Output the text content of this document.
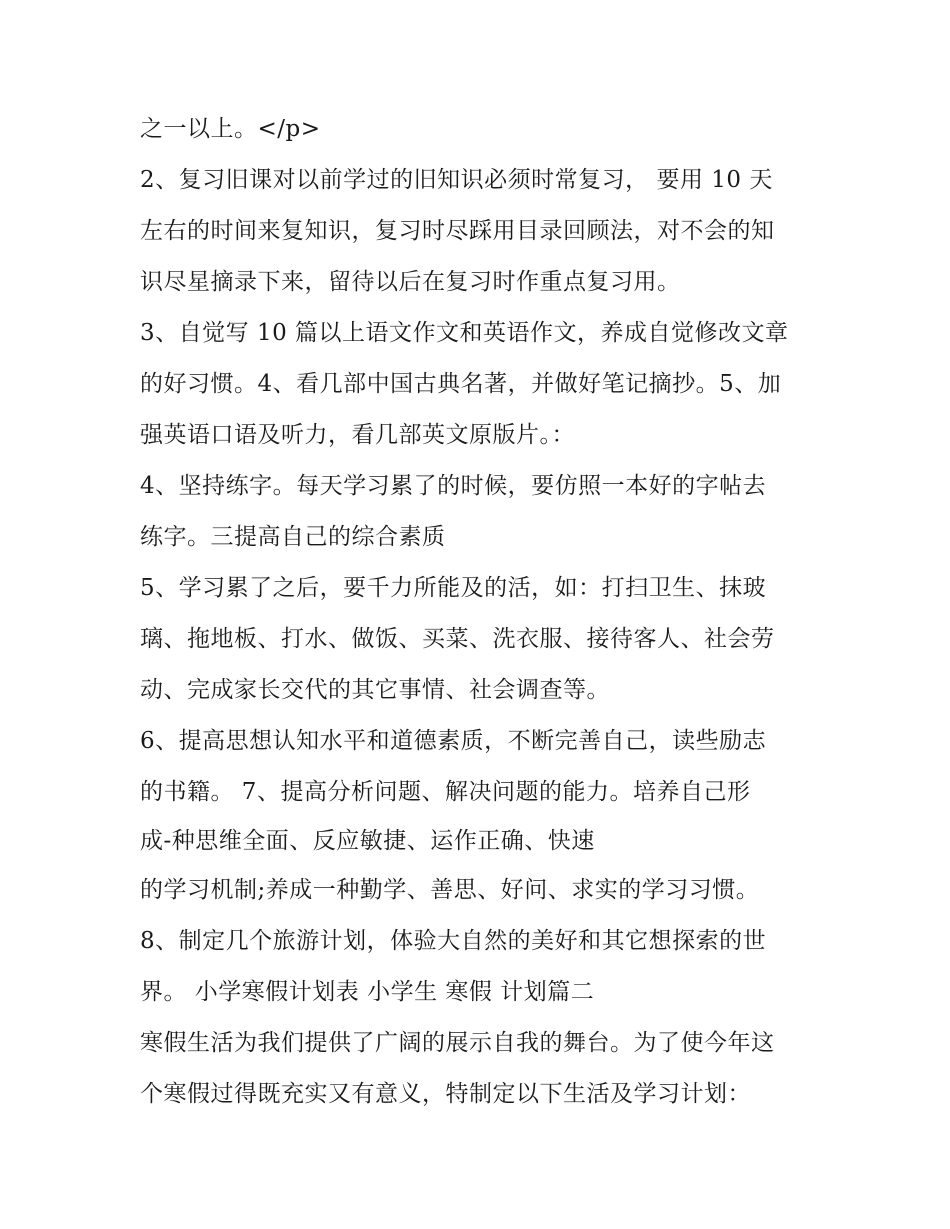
之一以上。</p>
2、复习旧课对以前学过的旧知识必须时常复习， 要用 10 天
左右的时间来复知识，复习时尽踩用目录回顾法，对不会的知
识尽星摘录下来，留待以后在复习时作重点复习用。
3、自觉写 10 篇以上语文作文和英语作文，养成自觉修改文章
的好习惯。4、看几部中国古典名著，并做好笔记摘抄。5、加
强英语口语及听力，看几部英文原版片。：
4、坚持练字。每天学习累了的时候，要仿照一本好的字帖去
练字。三提高自己的综合素质
5、学习累了之后，要千力所能及的活，如：打扫卫生、抹玻
璃、拖地板、打水、做饭、买菜、洗衣服、接待客人、社会劳
动、完成家长交代的其它事情、社会调查等。
6、提高思想认知水平和道德素质，不断完善自己，读些励志
的书籍。 7、提高分析问题、解决问题的能力。培养自己形
成-种思维全面、反应敏捷、运作正确、快速
的学习机制;养成一种勤学、善思、好问、求实的学习习惯。
8、制定几个旅游计划，体验大自然的美好和其它想探索的世
界。 小学寒假计划表 小学生 寒假 计划篇二
寒假生活为我们提供了广阔的展示自我的舞台。为了使今年这
个寒假过得既充实又有意义，特制定以下生活及学习计划：
